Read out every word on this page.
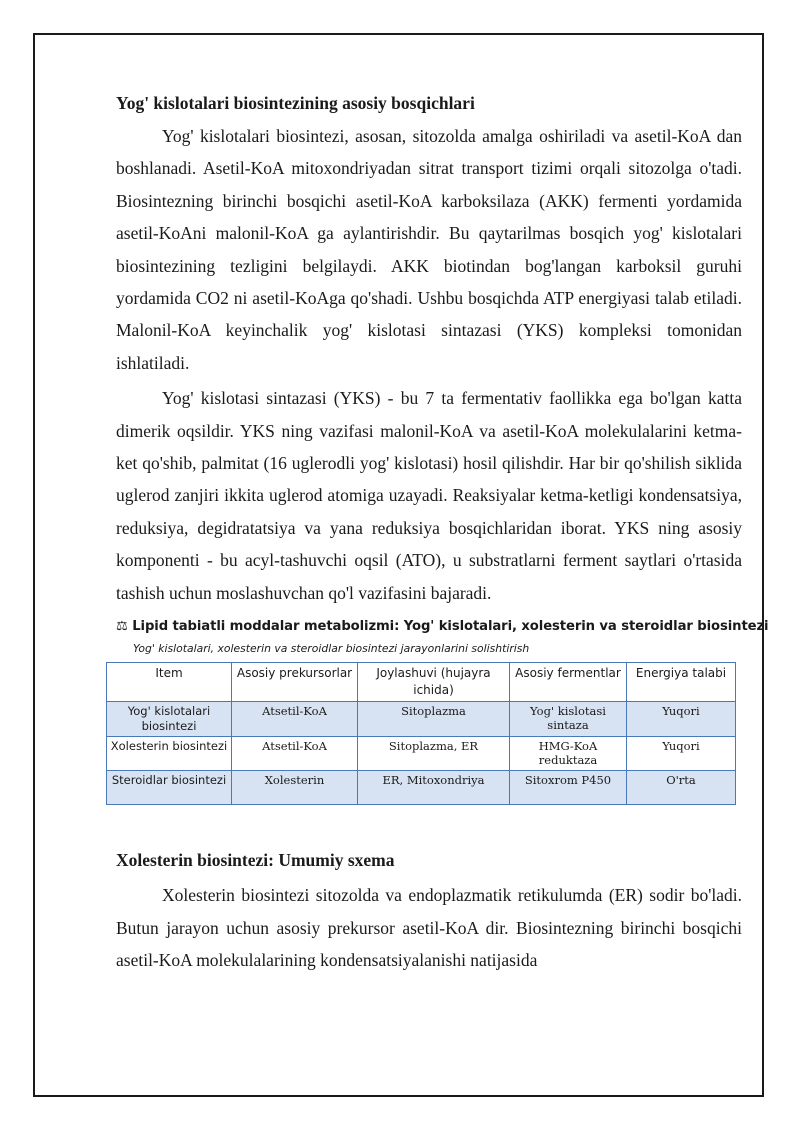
Yog' kislotalari biosintezining asosiy bosqichlari

Yog' kislotalari biosintezi, asosan, sitozolda amalga oshiriladi va asetil-KoA dan boshlanadi. Asetil-KoA mitoxondriyadan sitrat transport tizimi orqali sitozolga o'tadi. Biosintezning birinchi bosqichi asetil-KoA karboksilaza (AKK) fermenti yordamida asetil-KoAni malonil-KoA ga aylantirishdir. Bu qaytarilmas bosqich yog' kislotalari biosintezining tezligini belgilaydi. AKK biotindan bog'langan karboksil guruhi yordamida CO2 ni asetil-KoAga qo'shadi. Ushbu bosqichda ATP energiyasi talab etiladi. Malonil-KoA keyinchalik yog' kislotasi sintazasi (YKS) kompleksi tomonidan ishlatiladi.

Yog' kislotasi sintazasi (YKS) - bu 7 ta fermentativ faollikka ega bo'lgan katta dimerik oqsildir. YKS ning vazifasi malonil-KoA va asetil-KoA molekulalarini ketma-ket qo'shib, palmitat (16 uglerodli yog' kislotasi) hosil qilishdir. Har bir qo'shilish siklida uglerod zanjiri ikkita uglerod atomiga uzayadi. Reaksiyalar ketma-ketligi kondensatsiya, reduksiya, degidratatsiya va yana reduksiya bosqichlaridan iborat. YKS ning asosiy komponenti - bu acyl-tashuvchi oqsil (ATO), u substratlarni ferment saytlari o'rtasida tashish uchun moslashuvchan qo'l vazifasini bajaradi.

⚖ Lipid tabiatli moddalar metabolizmi: Yog' kislotalari, xolesterin va steroidlar biosintezi
Yog' kislotalari, xolesterin va steroidlar biosintezi jarayonlarini solishtirish
Item	Asosiy prekursorlar	Joylashuvi (hujayra ichida)	Asosiy fermentlar	Energiya talabi
Yog' kislotalari biosintezi	Atsetil-KoA	Sitoplazma	Yog' kislotasi sintaza	Yuqori
Xolesterin biosintezi	Atsetil-KoA	Sitoplazma, ER	HMG-KoA reduktaza	Yuqori
Steroidlar biosintezi	Xolesterin	ER, Mitoxondriya	Sitoxrom P450	O'rta
Xolesterin biosintezi: Umumiy sxema

Xolesterin biosintezi sitozolda va endoplazmatik retikulumda (ER) sodir bo'ladi. Butun jarayon uchun asosiy prekursor asetil-KoA dir. Biosintezning birinchi bosqichi asetil-KoA molekulalarining kondensatsiyalanishi natijasida
